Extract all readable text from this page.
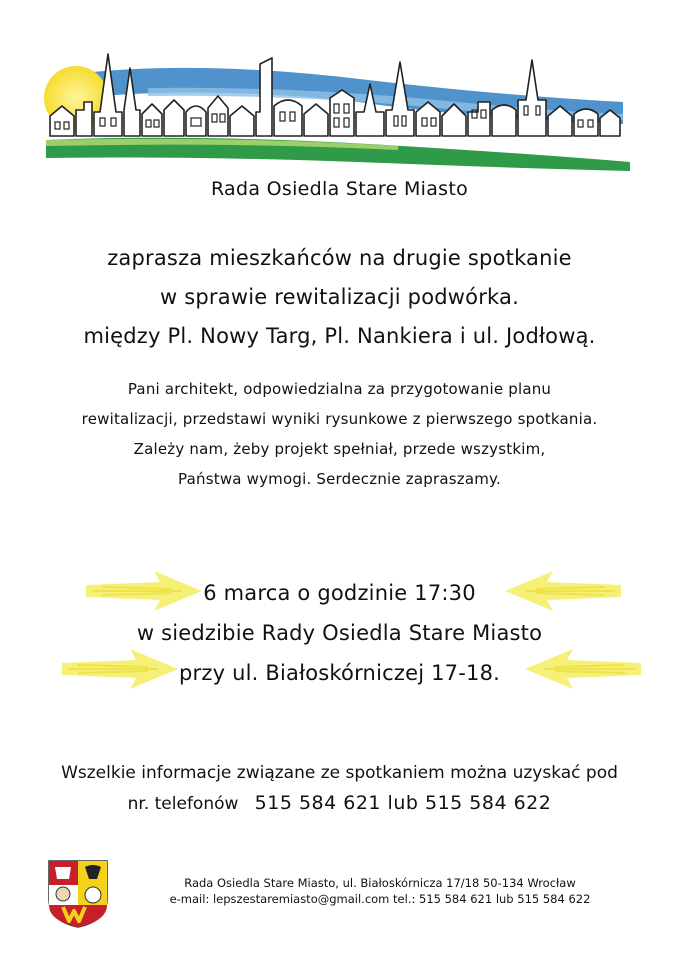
Rada Osiedla Stare Miasto
zaprasza mieszkańców na drugie spotkanie
w sprawie rewitalizacji podwórka.
między Pl. Nowy Targ, Pl. Nankiera i ul. Jodłową.
Pani architekt, odpowiedzialna za przygotowanie planu
rewitalizacji, przedstawi wyniki rysunkowe z pierwszego spotkania.
Zależy nam, żeby projekt spełniał, przede wszystkim,
Państwa wymogi. Serdecznie zapraszamy.
6 marca o godzinie 17:30
w siedzibie Rady Osiedla Stare Miasto
przy ul. Białoskórniczej 17-18.
Wszelkie informacje związane ze spotkaniem można uzyskać pod
nr. telefonów 515 584 621 lub 515 584 622
Rada Osiedla Stare Miasto, ul. Białoskórnicza 17/18 50-134 Wrocław
e-mail: lepszestaremiasto@gmail.com tel.: 515 584 621 lub 515 584 622
